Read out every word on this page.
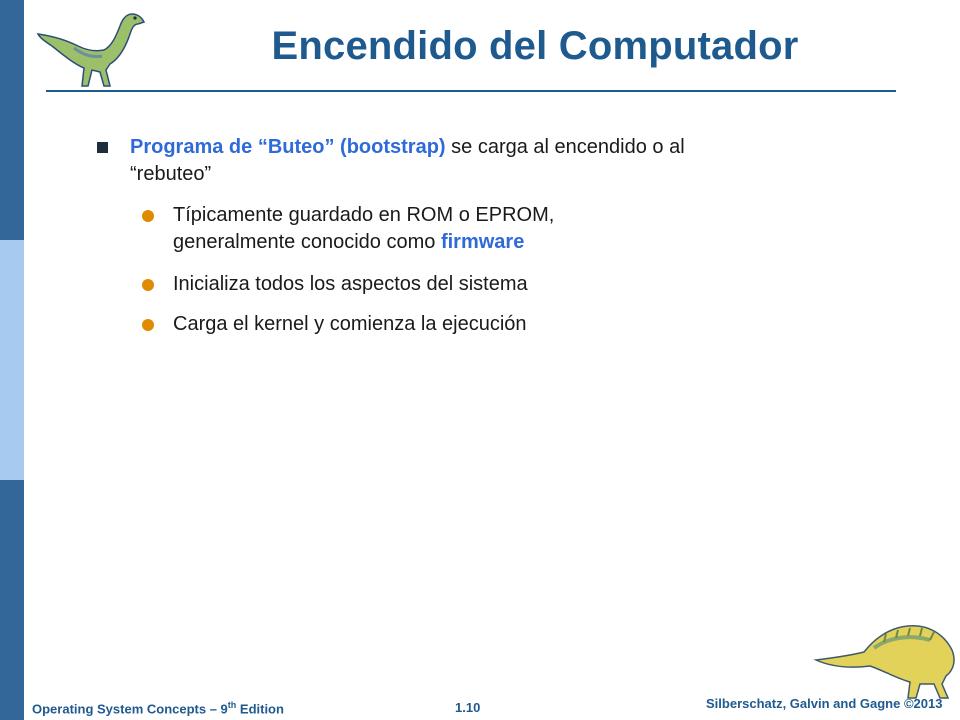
Encendido del Computador
Programa de “Buteo” (bootstrap) se carga al encendido o al “rebuteo”
Típicamente guardado en ROM o EPROM, generalmente conocido como firmware
Inicializa todos los aspectos del sistema
Carga el kernel y comienza la ejecución
Operating System Concepts – 9th Edition	1.10	Silberschatz, Galvin and Gagne ©2013
